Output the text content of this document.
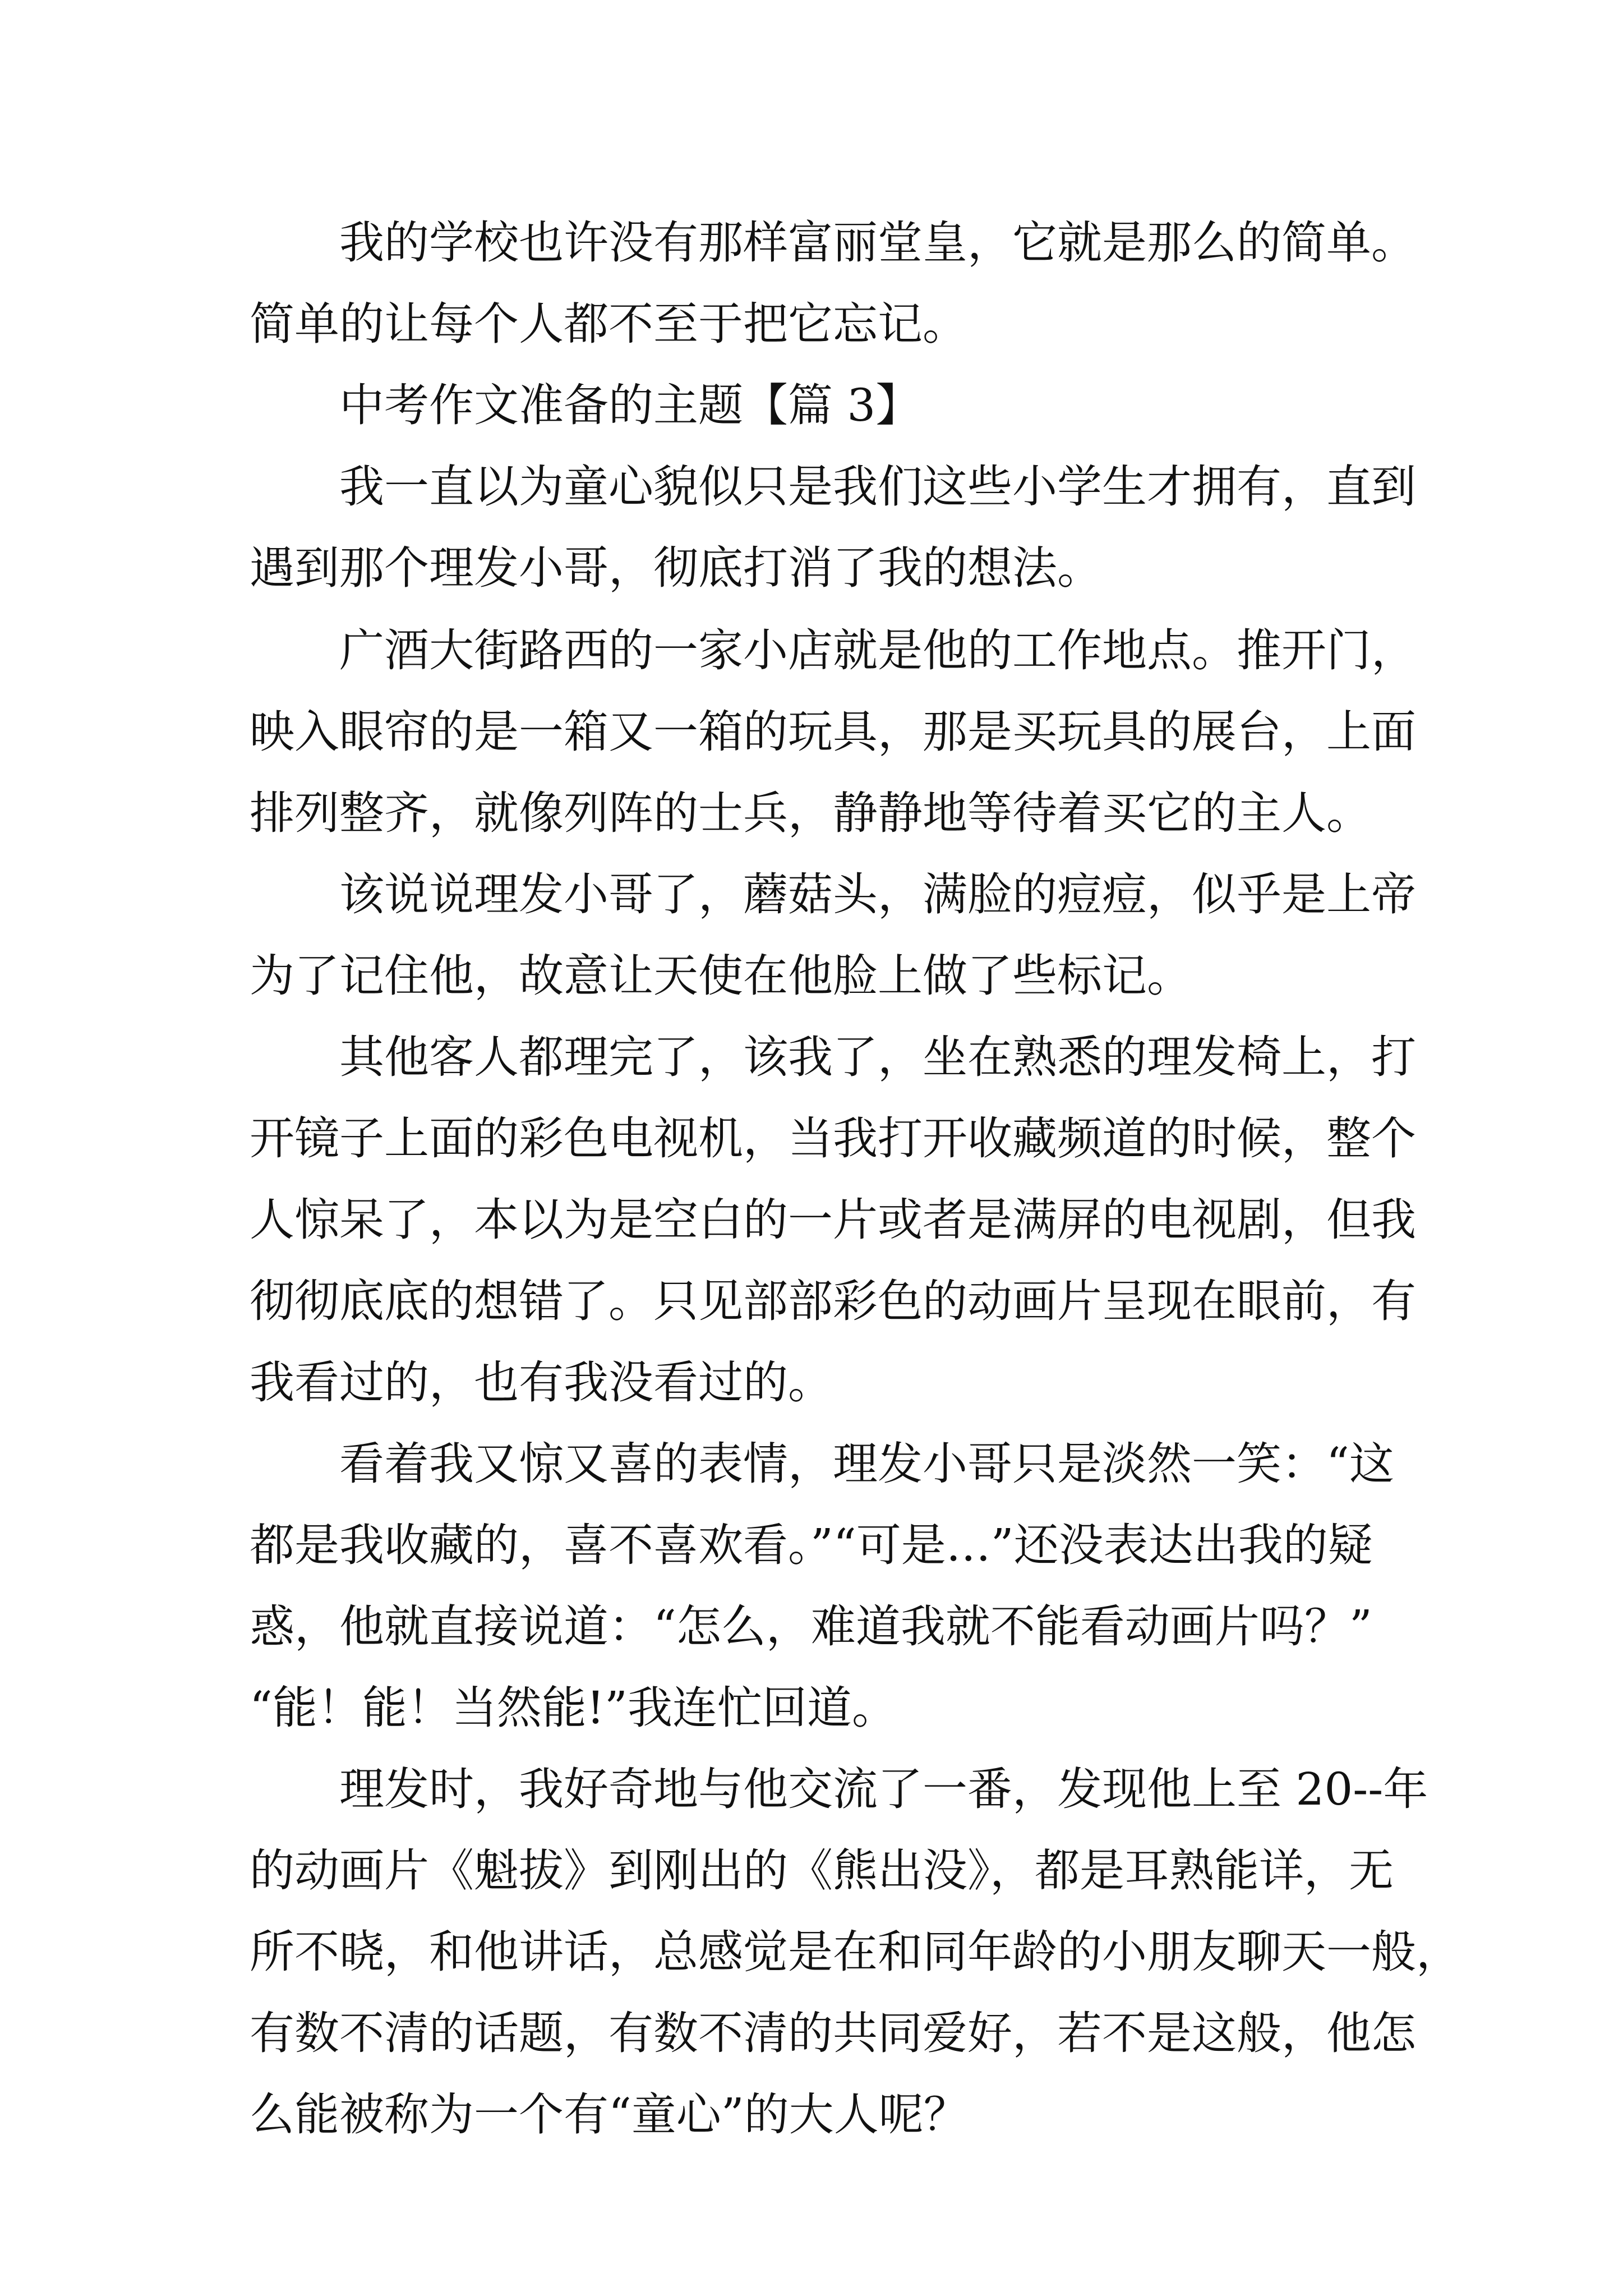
我的学校也许没有那样富丽堂皇，它就是那么的简单。
简单的让每个人都不至于把它忘记。
中考作文准备的主题【篇 3】
我一直以为童心貌似只是我们这些小学生才拥有，直到
遇到那个理发小哥，彻底打消了我的想法。
广酒大街路西的一家小店就是他的工作地点。推开门，
映入眼帘的是一箱又一箱的玩具，那是买玩具的展台，上面
排列整齐，就像列阵的士兵，静静地等待着买它的主人。
该说说理发小哥了，蘑菇头，满脸的痘痘，似乎是上帝
为了记住他，故意让天使在他脸上做了些标记。
其他客人都理完了，该我了，坐在熟悉的理发椅上，打
开镜子上面的彩色电视机，当我打开收藏频道的时候，整个
人惊呆了，本以为是空白的一片或者是满屏的电视剧，但我
彻彻底底的想错了。只见部部彩色的动画片呈现在眼前，有
我看过的，也有我没看过的。
看着我又惊又喜的表情，理发小哥只是淡然一笑：“这
都是我收藏的，喜不喜欢看。”“可是…”还没表达出我的疑
惑，他就直接说道：“怎么，难道我就不能看动画片吗？”
“能！能！当然能!”我连忙回道。
理发时，我好奇地与他交流了一番，发现他上至 20--年
的动画片《魁拔》到刚出的《熊出没》，都是耳熟能详，无
所不晓，和他讲话，总感觉是在和同年龄的小朋友聊天一般，
有数不清的话题，有数不清的共同爱好，若不是这般，他怎
么能被称为一个有“童心”的大人呢？
